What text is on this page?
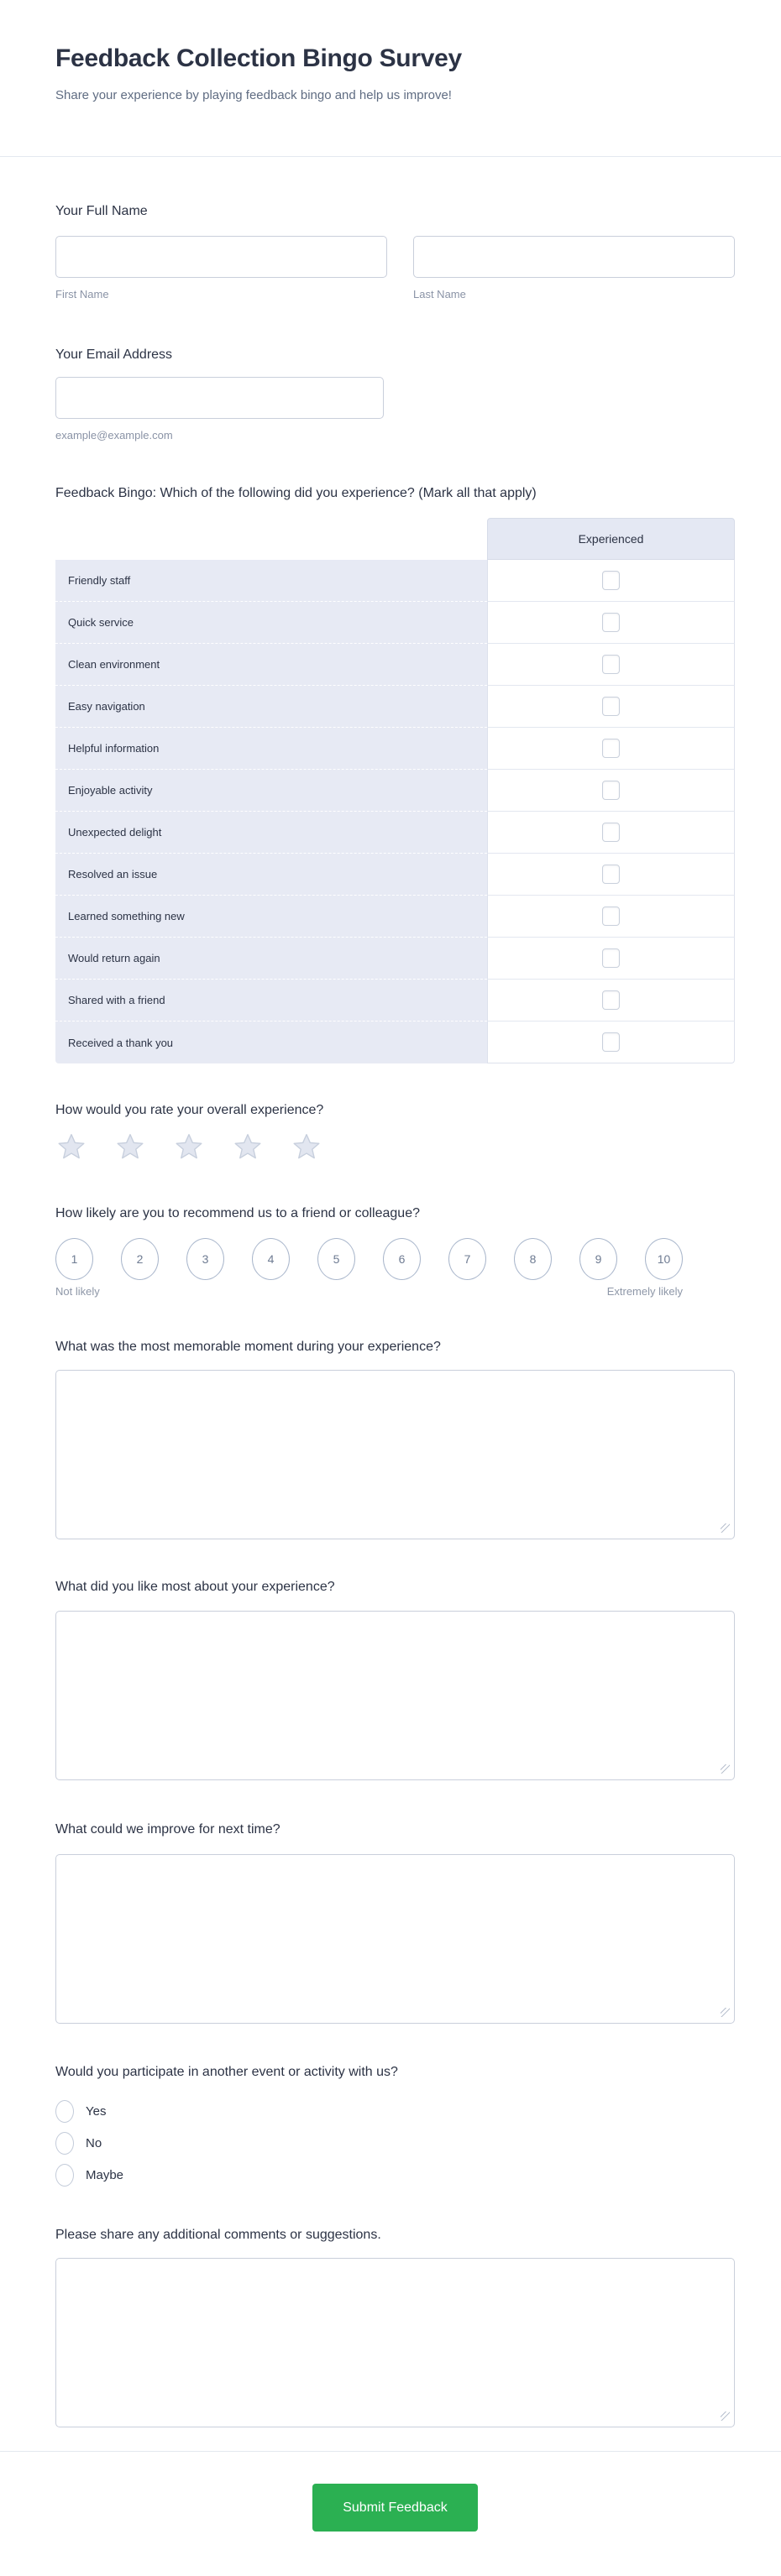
Feedback Collection Bingo Survey

Share your experience by playing feedback bingo and help us improve!

Your Full Name
First Name	Last Name
Your Email Address
example@example.com
Feedback Bingo: Which of the following did you experience? (Mark all that apply)
Experienced
Friendly staff
Quick service
Clean environment
Easy navigation
Helpful information
Enjoyable activity
Unexpected delight
Resolved an issue
Learned something new
Would return again
Shared with a friend
Received a thank you
How would you rate your overall experience?
How likely are you to recommend us to a friend or colleague?
1	2	3	4	5	6	7	8	9	10
Not likely	Extremely likely
What was the most memorable moment during your experience?
What did you like most about your experience?
What could we improve for next time?
Would you participate in another event or activity with us?
Yes
No
Maybe
Please share any additional comments or suggestions.
Submit Feedback
